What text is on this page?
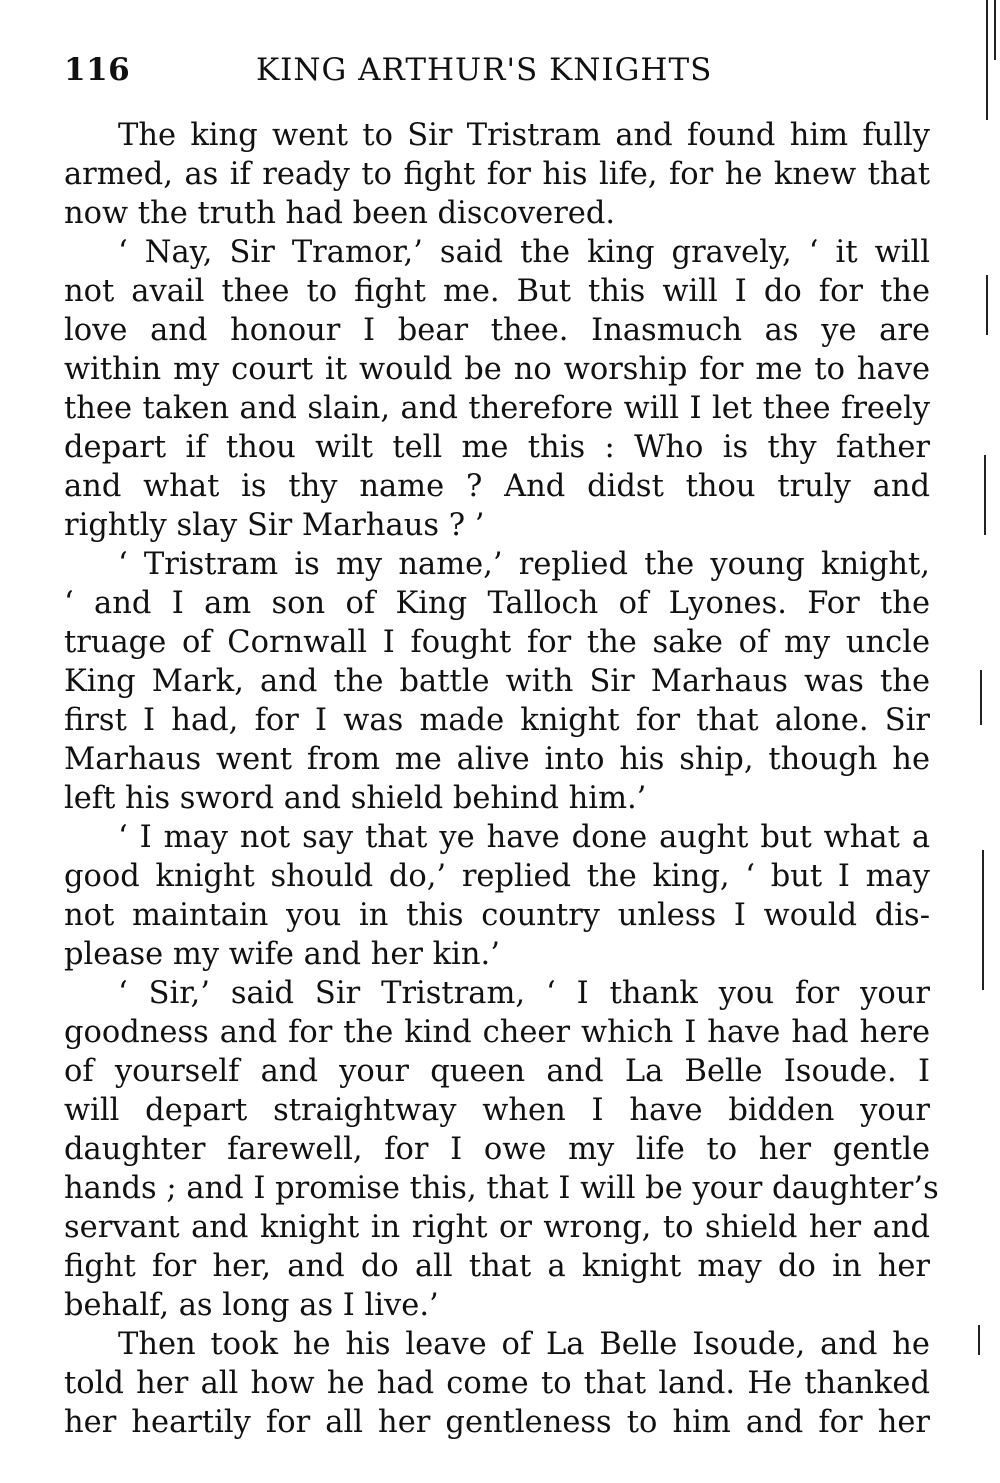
116	KING ARTHUR'S KNIGHTS
The king went to Sir Tristram and found him fully
armed, as if ready to fight for his life, for he knew that
now the truth had been discovered.
‘ Nay, Sir Tramor,’ said the king gravely, ‘ it will
not avail thee to fight me. But this will I do for the
love and honour I bear thee. Inasmuch as ye are
within my court it would be no worship for me to have
thee taken and slain, and therefore will I let thee freely
depart if thou wilt tell me this : Who is thy father
and what is thy name ? And didst thou truly and
rightly slay Sir Marhaus ? ’
‘ Tristram is my name,’ replied the young knight,
‘ and I am son of King Talloch of Lyones. For the
truage of Cornwall I fought for the sake of my uncle
King Mark, and the battle with Sir Marhaus was the
first I had, for I was made knight for that alone. Sir
Marhaus went from me alive into his ship, though he
left his sword and shield behind him.’
‘ I may not say that ye have done aught but what a
good knight should do,’ replied the king, ‘ but I may
not maintain you in this country unless I would dis-
please my wife and her kin.’
‘ Sir,’ said Sir Tristram, ‘ I thank you for your
goodness and for the kind cheer which I have had here
of yourself and your queen and La Belle Isoude. I
will depart straightway when I have bidden your
daughter farewell, for I owe my life to her gentle
hands ; and I promise this, that I will be your daughter’s
servant and knight in right or wrong, to shield her and
fight for her, and do all that a knight may do in her
behalf, as long as I live.’
Then took he his leave of La Belle Isoude, and he
told her all how he had come to that land. He thanked
her heartily for all her gentleness to him and for her
